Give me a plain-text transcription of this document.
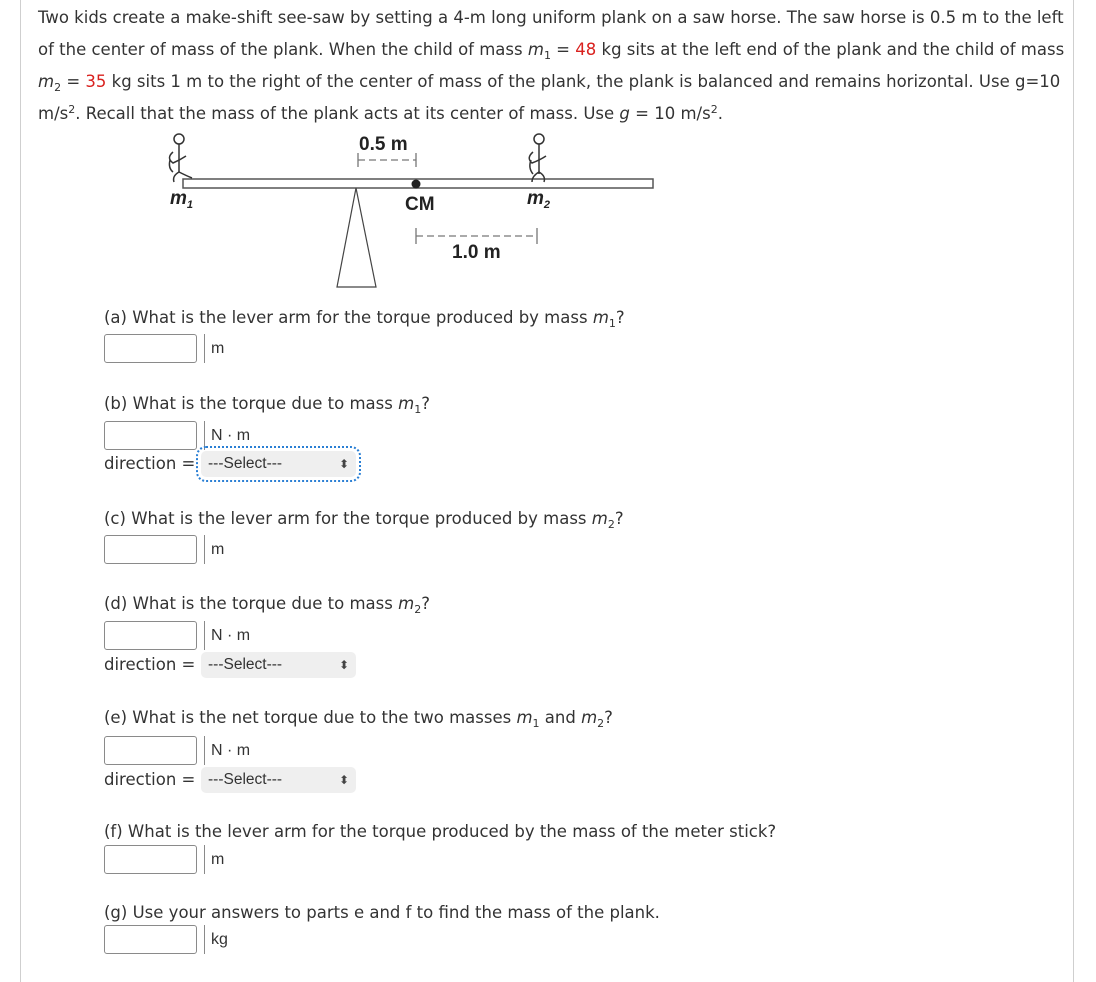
Two kids create a make-shift see-saw by setting a 4-m long uniform plank on a saw horse. The saw horse is 0.5 m to the left of the center of mass of the plank. When the child of mass $m_1 = 48$ kg sits at the left end of the plank and the child of mass $m_2 = 35$ kg sits 1 m to the right of the center of mass of the plank, the plank is balanced and remains horizontal. Use g=10 $m/s^2$. Recall that the mass of the plank acts at its center of mass. Use g = 10 $m/s^2$.
0.5 m
CM
$m_1$	$m_2$
1.0 m
(a) What is the lever arm for the torque produced by mass $m_1$?
m
(b) What is the torque due to mass $m_1$?
N · m
direction = ---Select---	⬍
(c) What is the lever arm for the torque produced by mass $m_2$?
m
(d) What is the torque due to mass $m_2$?
N · m
direction = ---Select---	⬍
(e) What is the net torque due to the two masses $m_1$ and $m_2$?
N · m
direction = ---Select---	⬍
(f) What is the lever arm for the torque produced by the mass of the meter stick?
m
(g) Use your answers to parts e and f to find the mass of the plank.
kg
